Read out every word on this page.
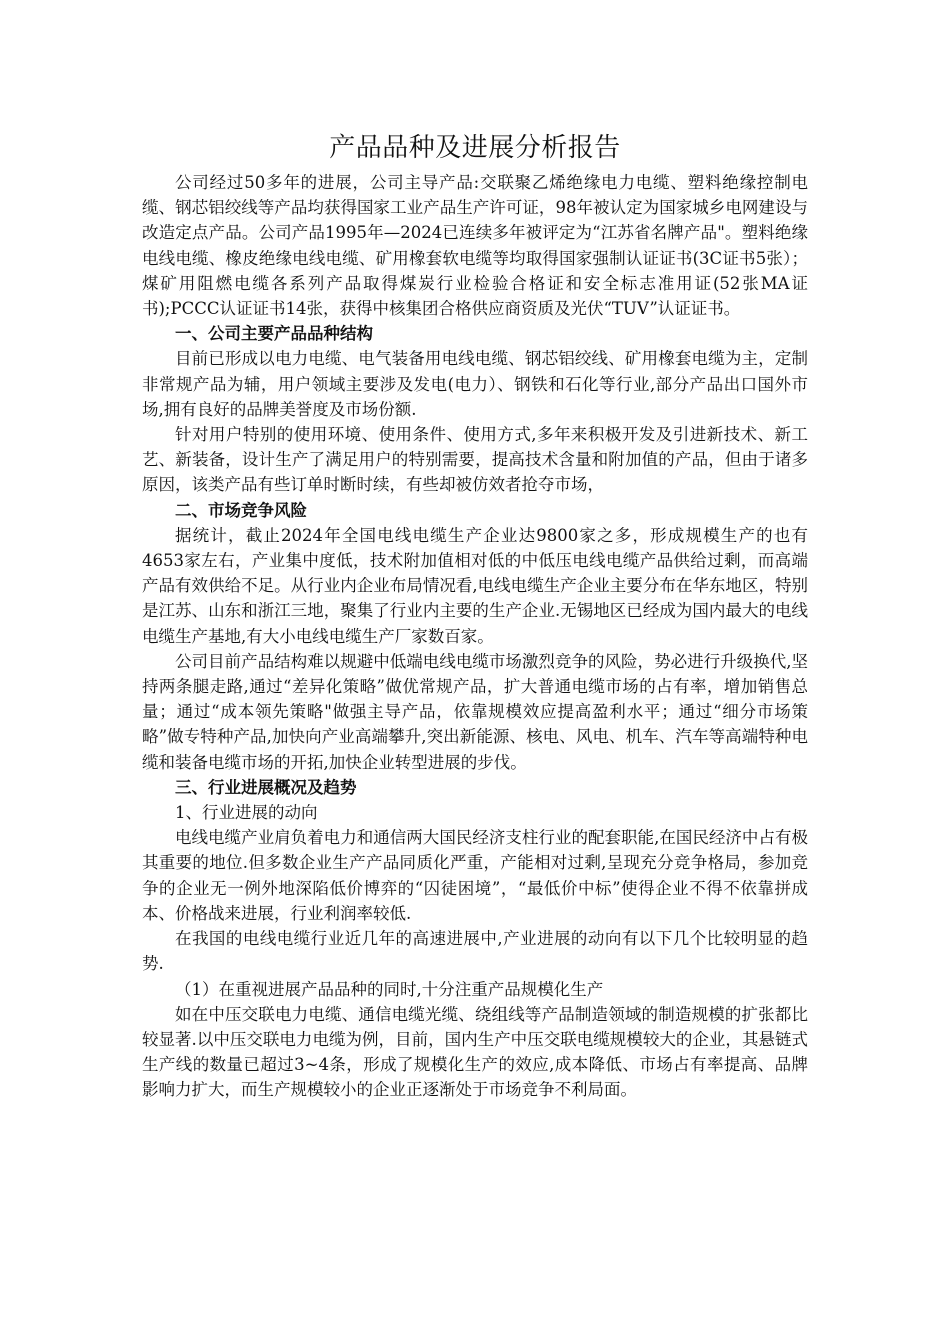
产品品种及进展分析报告

公司经过50多年的进展，公司主导产品:交联聚乙烯绝缘电力电缆、塑料绝缘控制电缆、钢芯铝绞线等产品均获得国家工业产品生产许可证，98年被认定为国家城乡电网建设与改造定点产品。公司产品1995年—2024已连续多年被评定为“江苏省名牌产品"。塑料绝缘电线电缆、橡皮绝缘电线电缆、矿用橡套软电缆等均取得国家强制认证证书(3C证书5张）；煤矿用阻燃电缆各系列产品取得煤炭行业检验合格证和安全标志准用证(52张MA证书);PCCC认证证书14张，获得中核集团合格供应商资质及光伏“TUV”认证证书。

一、公司主要产品品种结构

目前已形成以电力电缆、电气装备用电线电缆、钢芯铝绞线、矿用橡套电缆为主，定制非常规产品为辅，用户领域主要涉及发电(电力）、钢铁和石化等行业,部分产品出口国外市场,拥有良好的品牌美誉度及市场份额.

针对用户特别的使用环境、使用条件、使用方式,多年来积极开发及引进新技术、新工艺、新装备，设计生产了满足用户的特别需要，提高技术含量和附加值的产品，但由于诸多原因，该类产品有些订单时断时续，有些却被仿效者抢夺市场，

二、市场竞争风险

据统计，截止2024年全国电线电缆生产企业达9800家之多，形成规模生产的也有4653家左右，产业集中度低，技术附加值相对低的中低压电线电缆产品供给过剩，而高端产品有效供给不足。从行业内企业布局情况看,电线电缆生产企业主要分布在华东地区，特别是江苏、山东和浙江三地，聚集了行业内主要的生产企业.无锡地区已经成为国内最大的电线电缆生产基地,有大小电线电缆生产厂家数百家。

公司目前产品结构难以规避中低端电线电缆市场激烈竞争的风险，势必进行升级换代,坚持两条腿走路,通过“差异化策略”做优常规产品，扩大普通电缆市场的占有率，增加销售总量；通过“成本领先策略"做强主导产品，依靠规模效应提高盈利水平；通过“细分市场策略”做专特种产品,加快向产业高端攀升,突出新能源、核电、风电、机车、汽车等高端特种电缆和装备电缆市场的开拓,加快企业转型进展的步伐。

三、行业进展概况及趋势

1、行业进展的动向

电线电缆产业肩负着电力和通信两大国民经济支柱行业的配套职能,在国民经济中占有极其重要的地位.但多数企业生产产品同质化严重，产能相对过剩,呈现充分竞争格局，参加竞争的企业无一例外地深陷低价博弈的“囚徒困境”，“最低价中标”使得企业不得不依靠拼成本、价格战来进展，行业利润率较低.

在我国的电线电缆行业近几年的高速进展中,产业进展的动向有以下几个比较明显的趋势.

（1）在重视进展产品品种的同时,十分注重产品规模化生产

如在中压交联电力电缆、通信电缆光缆、绕组线等产品制造领域的制造规模的扩张都比较显著.以中压交联电力电缆为例，目前，国内生产中压交联电缆规模较大的企业，其悬链式生产线的数量已超过3~4条，形成了规模化生产的效应,成本降低、市场占有率提高、品牌影响力扩大，而生产规模较小的企业正逐渐处于市场竞争不利局面。
